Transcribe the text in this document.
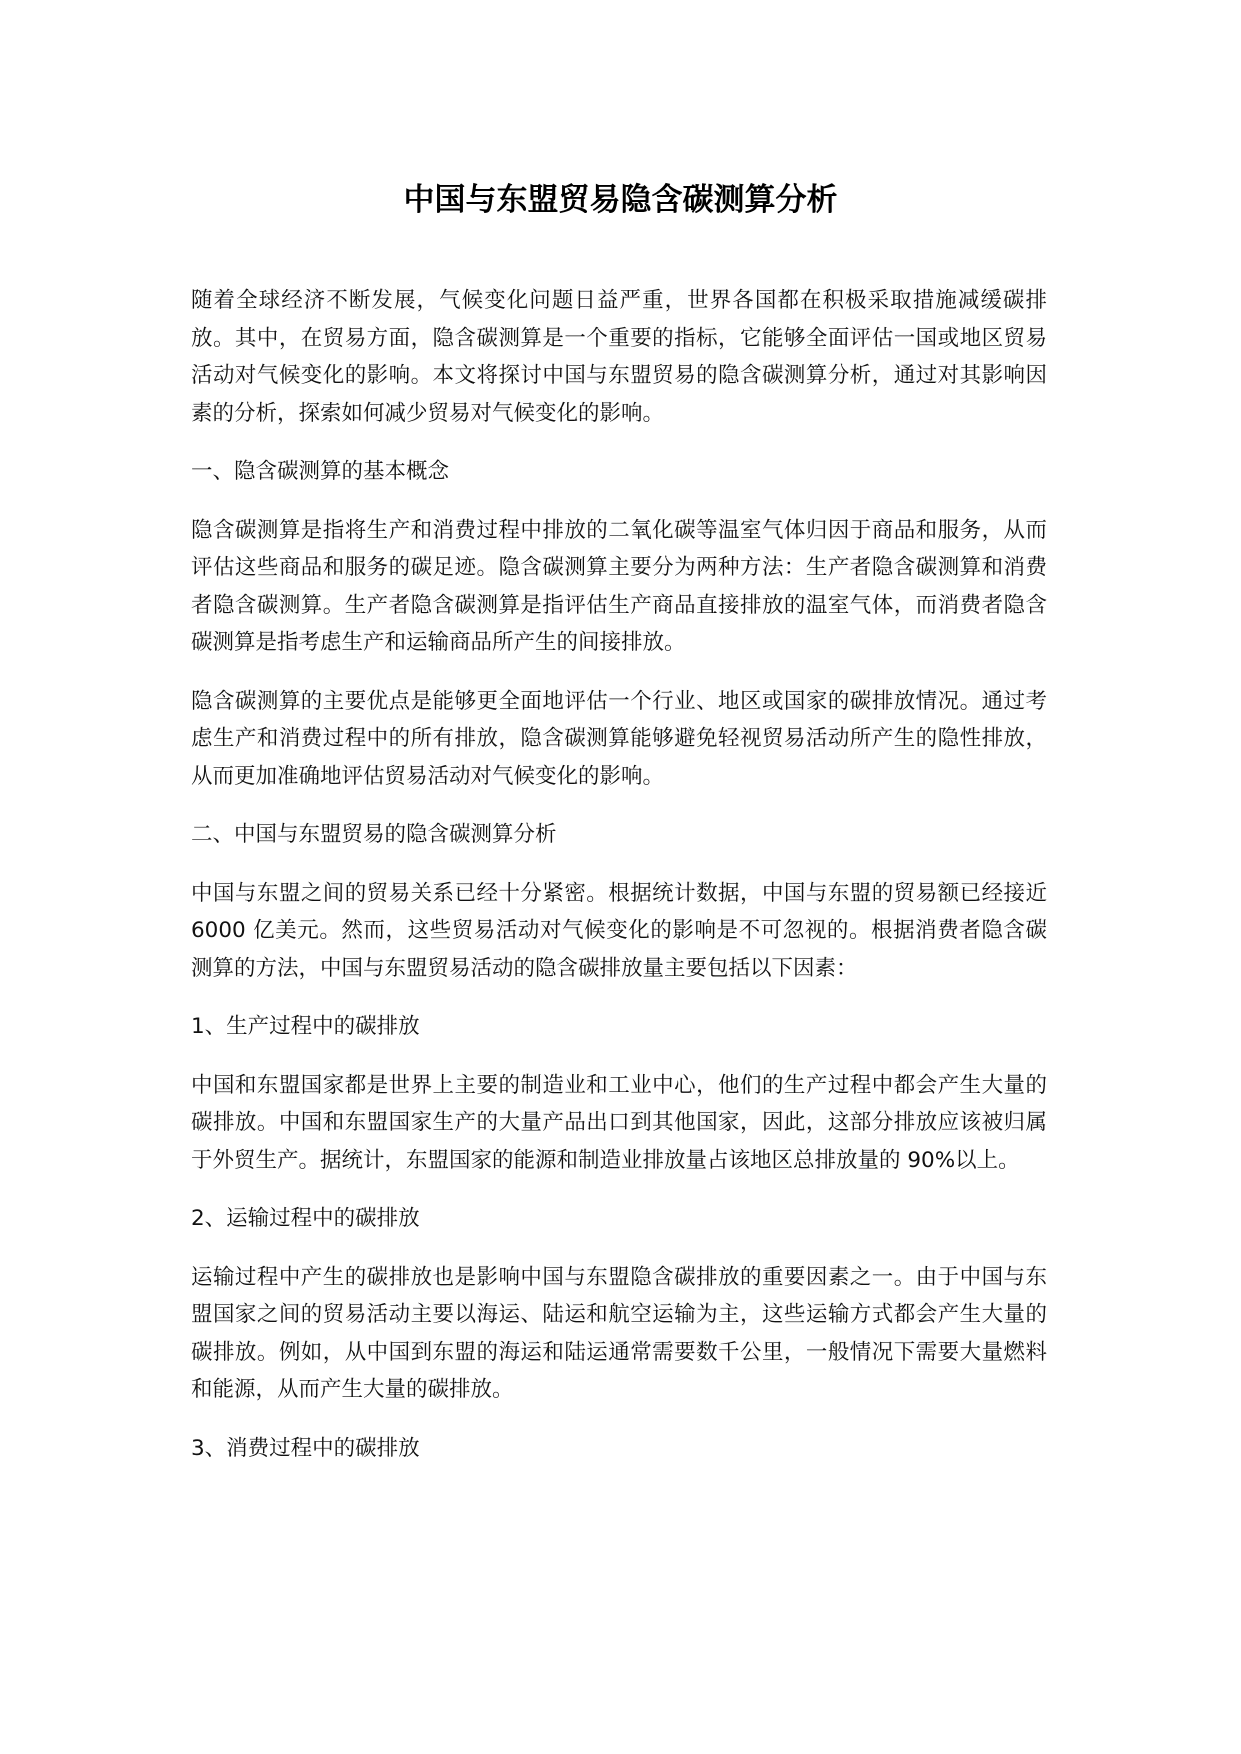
中国与东盟贸易隐含碳测算分析

随着全球经济不断发展，气候变化问题日益严重，世界各国都在积极采取措施减缓碳排放。其中，在贸易方面，隐含碳测算是一个重要的指标，它能够全面评估一国或地区贸易活动对气候变化的影响。本文将探讨中国与东盟贸易的隐含碳测算分析，通过对其影响因素的分析，探索如何减少贸易对气候变化的影响。

一、隐含碳测算的基本概念

隐含碳测算是指将生产和消费过程中排放的二氧化碳等温室气体归因于商品和服务，从而评估这些商品和服务的碳足迹。隐含碳测算主要分为两种方法：生产者隐含碳测算和消费者隐含碳测算。生产者隐含碳测算是指评估生产商品直接排放的温室气体，而消费者隐含碳测算是指考虑生产和运输商品所产生的间接排放。

隐含碳测算的主要优点是能够更全面地评估一个行业、地区或国家的碳排放情况。通过考虑生产和消费过程中的所有排放，隐含碳测算能够避免轻视贸易活动所产生的隐性排放，从而更加准确地评估贸易活动对气候变化的影响。

二、中国与东盟贸易的隐含碳测算分析

中国与东盟之间的贸易关系已经十分紧密。根据统计数据，中国与东盟的贸易额已经接近 6000 亿美元。然而，这些贸易活动对气候变化的影响是不可忽视的。根据消费者隐含碳测算的方法，中国与东盟贸易活动的隐含碳排放量主要包括以下因素：

1、生产过程中的碳排放

中国和东盟国家都是世界上主要的制造业和工业中心，他们的生产过程中都会产生大量的碳排放。中国和东盟国家生产的大量产品出口到其他国家，因此，这部分排放应该被归属于外贸生产。据统计，东盟国家的能源和制造业排放量占该地区总排放量的 90%以上。

2、运输过程中的碳排放

运输过程中产生的碳排放也是影响中国与东盟隐含碳排放的重要因素之一。由于中国与东盟国家之间的贸易活动主要以海运、陆运和航空运输为主，这些运输方式都会产生大量的碳排放。例如，从中国到东盟的海运和陆运通常需要数千公里，一般情况下需要大量燃料和能源，从而产生大量的碳排放。

3、消费过程中的碳排放
